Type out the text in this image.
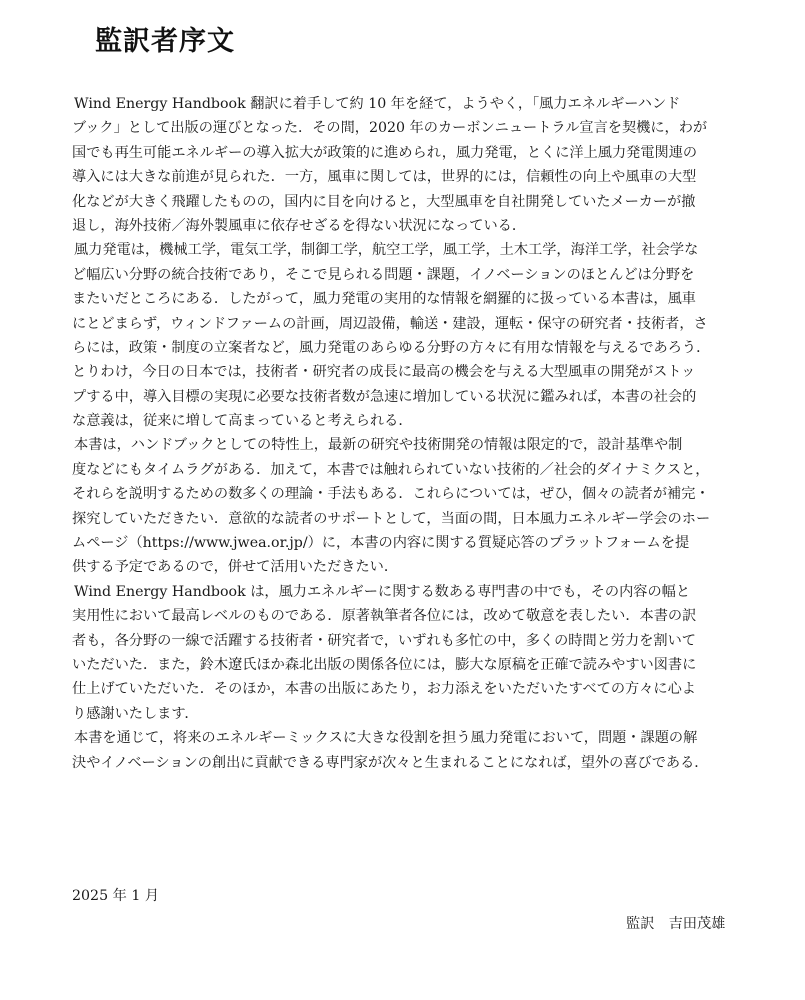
監訳者序文

Wind Energy Handbook 翻訳に着手して約 10 年を経て，ようやく，「風力エネルギーハンド
ブック」として出版の運びとなった．その間，2020 年のカーボンニュートラル宣言を契機に，わが
国でも再生可能エネルギーの導入拡大が政策的に進められ，風力発電，とくに洋上風力発電関連の
導入には大きな前進が見られた．一方，風車に関しては，世界的には，信頼性の向上や風車の大型
化などが大きく飛躍したものの，国内に目を向けると，大型風車を自社開発していたメーカーが撤
退し，海外技術／海外製風車に依存せざるを得ない状況になっている．

風力発電は，機械工学，電気工学，制御工学，航空工学，風工学，土木工学，海洋工学，社会学な
ど幅広い分野の統合技術であり，そこで見られる問題・課題，イノベーションのほとんどは分野を
またいだところにある．したがって，風力発電の実用的な情報を網羅的に扱っている本書は，風車
にとどまらず，ウィンドファームの計画，周辺設備，輸送・建設，運転・保守の研究者・技術者，さ
らには，政策・制度の立案者など，風力発電のあらゆる分野の方々に有用な情報を与えるであろう．
とりわけ，今日の日本では，技術者・研究者の成長に最高の機会を与える大型風車の開発がストッ
プする中，導入目標の実現に必要な技術者数が急速に増加している状況に鑑みれば，本書の社会的
な意義は，従来に増して高まっていると考えられる．

本書は，ハンドブックとしての特性上，最新の研究や技術開発の情報は限定的で，設計基準や制
度などにもタイムラグがある．加えて，本書では触れられていない技術的／社会的ダイナミクスと，
それらを説明するための数多くの理論・手法もある．これらについては，ぜひ，個々の読者が補完・
探究していただきたい．意欲的な読者のサポートとして，当面の間，日本風力エネルギー学会のホー
ムページ（https://www.jwea.or.jp/）に，本書の内容に関する質疑応答のプラットフォームを提
供する予定であるので，併せて活用いただきたい．

Wind Energy Handbook は，風力エネルギーに関する数ある専門書の中でも，その内容の幅と
実用性において最高レベルのものである．原著執筆者各位には，改めて敬意を表したい．本書の訳
者も，各分野の一線で活躍する技術者・研究者で，いずれも多忙の中，多くの時間と労力を割いて
いただいた．また，鈴木遼氏ほか森北出版の関係各位には，膨大な原稿を正確で読みやすい図書に
仕上げていただいた．そのほか，本書の出版にあたり，お力添えをいただいたすべての方々に心よ
り感謝いたします．

本書を通じて，将来のエネルギーミックスに大きな役割を担う風力発電において，問題・課題の解
決やイノベーションの創出に貢献できる専門家が次々と生まれることになれば，望外の喜びである．

2025 年 1 月
監訳　吉田茂雄
